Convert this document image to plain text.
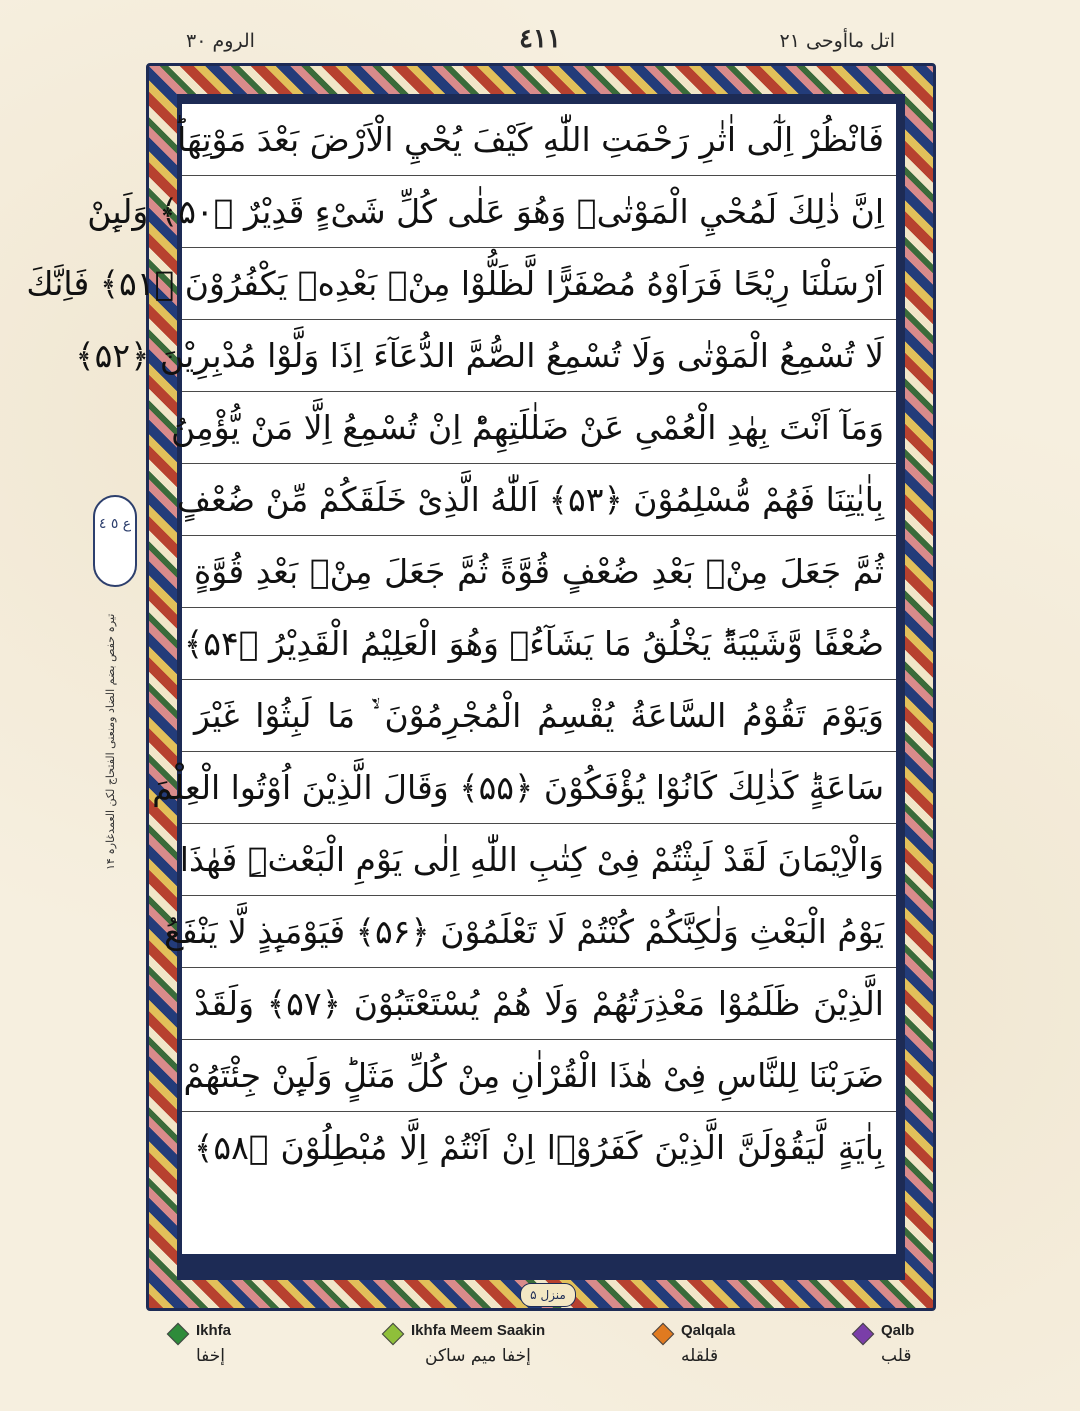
الروم ٣٠	٤١١	اتل ماأوحی ٢١
فَانْظُرْ اِلٰٓى اٰثٰرِ رَحْمَتِ اللّٰهِ كَيْفَ يُحْيِ الْاَرْضَ بَعْدَ مَوْتِهَاؕ
اِنَّ ذٰلِكَ لَمُحْيِ الْمَوْتٰىۚ وَهُوَ عَلٰى كُلِّ شَیْءٍ قَدِیْرٌ ﴿۵۰﴾ وَلَٮِٕنْ
اَرْسَلْنَا رِيْحًا فَرَاَوْهُ مُصْفَرًّا لَّظَلُّوْا مِنْۢ بَعْدِهٖ يَكْفُرُوْنَ ﴿۵۱﴾ فَاِنَّكَ
لَا تُسْمِعُ الْمَوْتٰى وَلَا تُسْمِعُ الصُّمَّ الدُّعَآءَ اِذَا وَلَّوْا مُدْبِرِيْنَ ﴿۵۲﴾
وَمَآ اَنْتَ بِهٰدِ الْعُمْیِ عَنْ ضَلٰلَتِهِمْؕ اِنْ تُسْمِعُ اِلَّا مَنْ يُّؤْمِنُ
بِاٰيٰتِنَا فَهُمْ مُّسْلِمُوْنَ ﴿۵۳﴾ اَللّٰهُ الَّذِیْ خَلَقَكُمْ مِّنْ ضُعْفٍ
ثُمَّ جَعَلَ مِنْۢ بَعْدِ ضُعْفٍ قُوَّةً ثُمَّ جَعَلَ مِنْۢ بَعْدِ قُوَّةٍ
ضُعْفًا وَّشَيْبَةًؕ يَخْلُقُ مَا يَشَآءُۚ وَهُوَ الْعَلِيْمُ الْقَدِيْرُ ﴿۵۴﴾
وَيَوْمَ تَقُوْمُ السَّاعَةُ يُقْسِمُ الْمُجْرِمُوْنَ ۙ۬ مَا لَبِثُوْا غَيْرَ
سَاعَةٍؕ كَذٰلِكَ كَانُوْا يُؤْفَكُوْنَ ﴿۵۵﴾ وَقَالَ الَّذِيْنَ اُوْتُوا الْعِلْمَ
وَالْاِيْمَانَ لَقَدْ لَبِثْتُمْ فِیْ كِتٰبِ اللّٰهِ اِلٰى يَوْمِ الْبَعْثِ٘ فَهٰذَا
يَوْمُ الْبَعْثِ وَلٰكِنَّكُمْ كُنْتُمْ لَا تَعْلَمُوْنَ ﴿۵۶﴾ فَيَوْمَٮِٕذٍ لَّا يَنْفَعُ
الَّذِيْنَ ظَلَمُوْا مَعْذِرَتُهُمْ وَلَا هُمْ يُسْتَعْتَبُوْنَ ﴿۵۷﴾ وَلَقَدْ
ضَرَبْنَا لِلنَّاسِ فِیْ هٰذَا الْقُرْاٰنِ مِنْ كُلِّ مَثَلٍؕ وَلَٮِٕنْ جِئْتَهُمْ
بِاٰيَةٍ لَّيَقُوْلَنَّ الَّذِيْنَ كَفَرُوْۤا اِنْ اَنْتُمْ اِلَّا مُبْطِلُوْنَ ﴿۵۸﴾
منزل ۵
ع ٥ ٤
تیرہ حفص بضم الضاد ومنعنی الفتحاج لکن العمدغارہ ۱۴
Ikhfa
إخفا
Ikhfa Meem Saakin
إخفا میم ساکن
Qalqala
قلقله
Qalb
قلب
